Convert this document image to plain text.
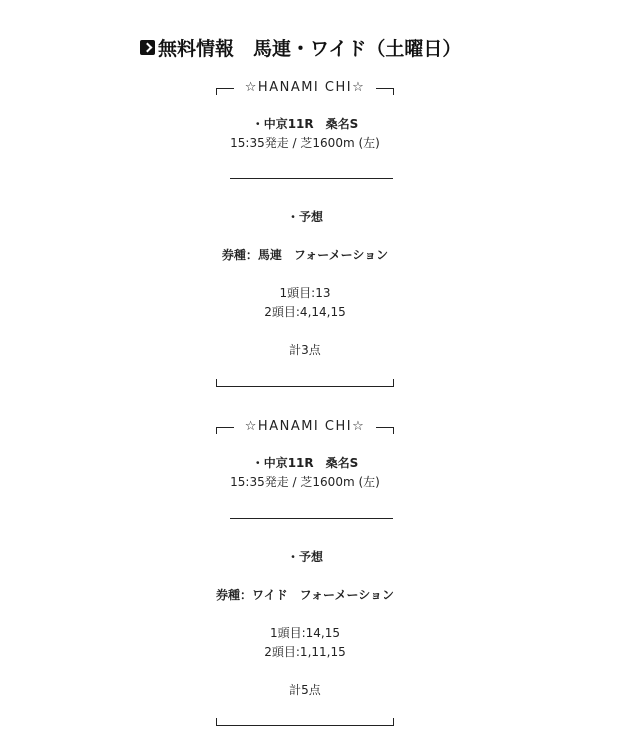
無料情報　馬連・ワイド（土曜日）
☆HANAMI CHI☆
・中京11R　桑名S
15:35発走 / 芝1600m (左)
・予想
券種：馬連　フォーメーション
1頭目:13
2頭目:4,14,15
計3点
☆HANAMI CHI☆
・中京11R　桑名S
15:35発走 / 芝1600m (左)
・予想
券種：ワイド　フォーメーション
1頭目:14,15
2頭目:1,11,15
計5点
